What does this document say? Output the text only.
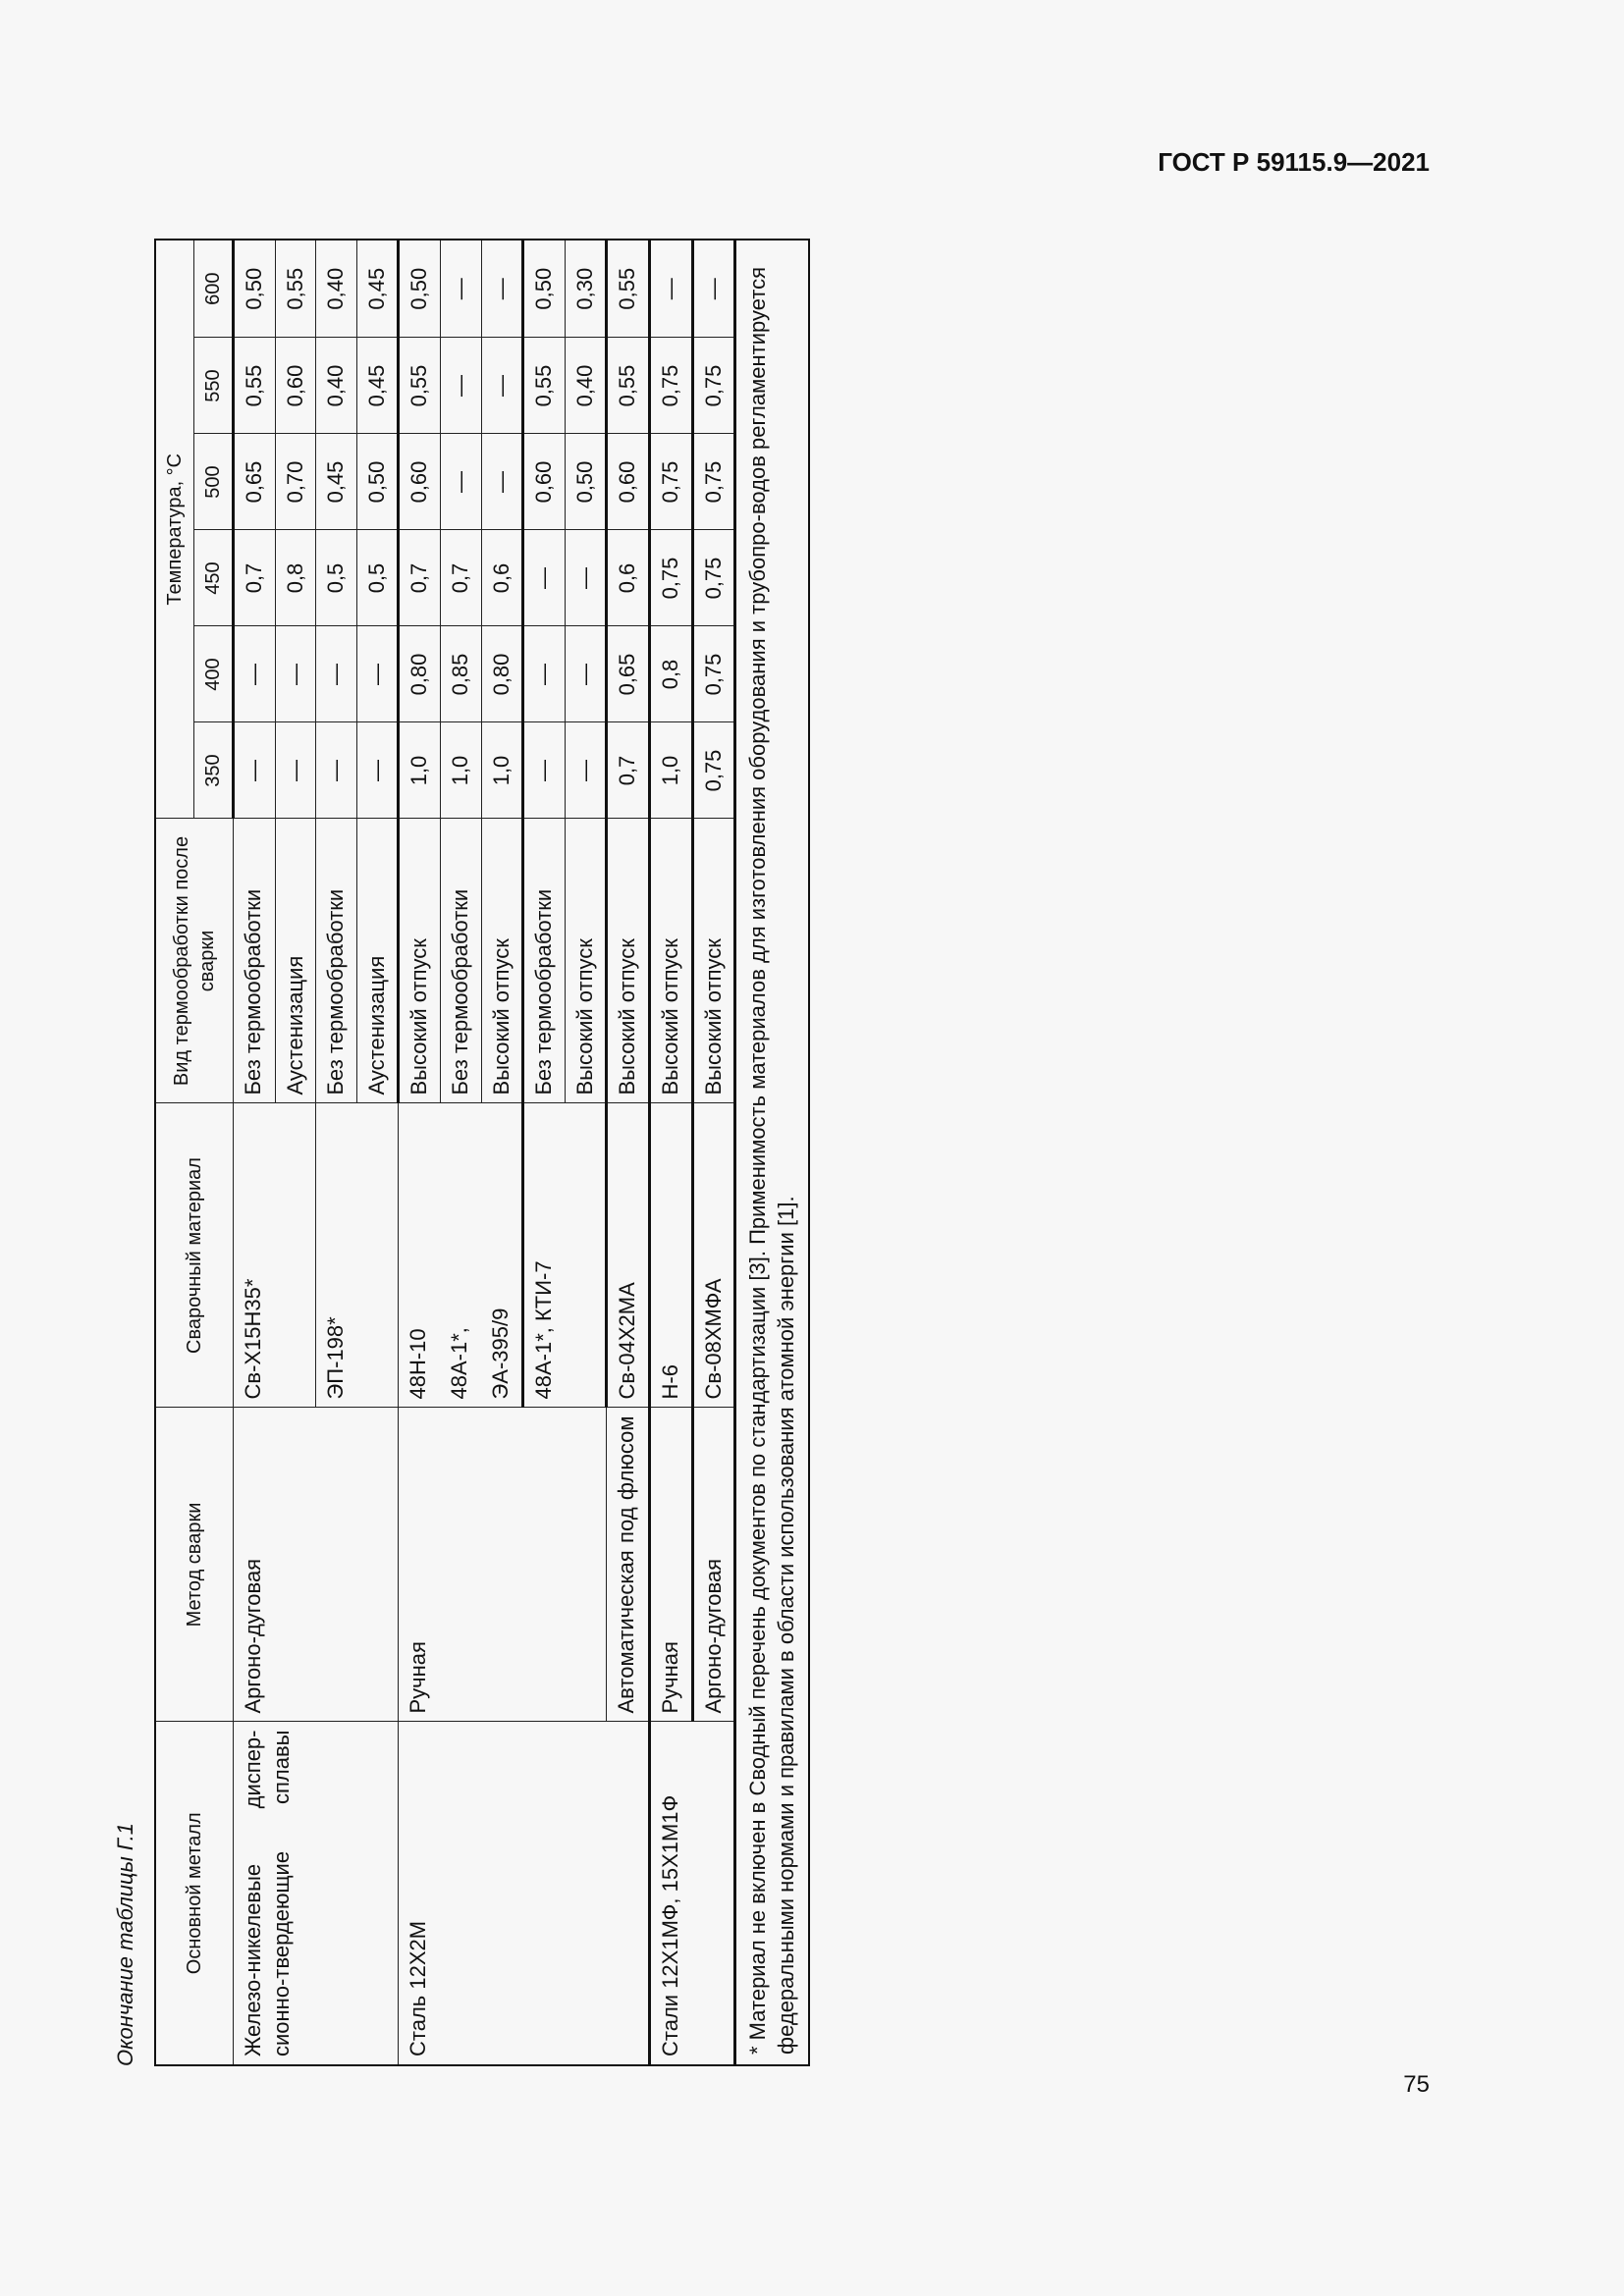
ГОСТ Р 59115.9—2021
Окончание таблицы Г.1 Основной металл	Метод сварки	Сварочный материал	Вид термообработки после сварки	Температура, °С					
				350	400	450	500	550	600
Железо-никелевые диспер-сионно-твердеющие сплавы	Аргоно-дуговая	Св-Х15Н35*	Без термообработки	—	—	0,7	0,65	0,55	0,50
			Аустенизация	—	—	0,8	0,70	0,60	0,55
		ЭП-198*	Без термообработки	—	—	0,5	0,45	0,40	0,40
			Аустенизация	—	—	0,5	0,50	0,45	0,45
Сталь 12Х2М	Ручная	48Н-10	Высокий отпуск	1,0	0,80	0,7	0,60	0,55	0,50
		48А-1*,	Без термообработки	1,0	0,85	0,7	—	—	—
		ЭА-395/9	Высокий отпуск	1,0	0,80	0,6	—	—	—
		48А-1*, КТИ-7	Без термообработки	—	—	—	0,60	0,55	0,50
			Высокий отпуск	—	—	—	0,50	0,40	0,30
	Автоматическая под флюсом	Св-04Х2МА	Высокий отпуск	0,7	0,65	0,6	0,60	0,55	0,55
Стали 12Х1МФ, 15Х1М1Ф	Ручная	Н-6	Высокий отпуск	1,0	0,8	0,75	0,75	0,75	—
	Аргоно-дуговая	Св-08ХМФА	Высокий отпуск	0,75	0,75	0,75	0,75	0,75	—
* Материал не включен в Сводный перечень документов по стандартизации [3]. Применимость материалов для изготовления оборудования и трубопро-водов регламентируется федеральными нормами и правилами в области использования атомной энергии [1].									
75
